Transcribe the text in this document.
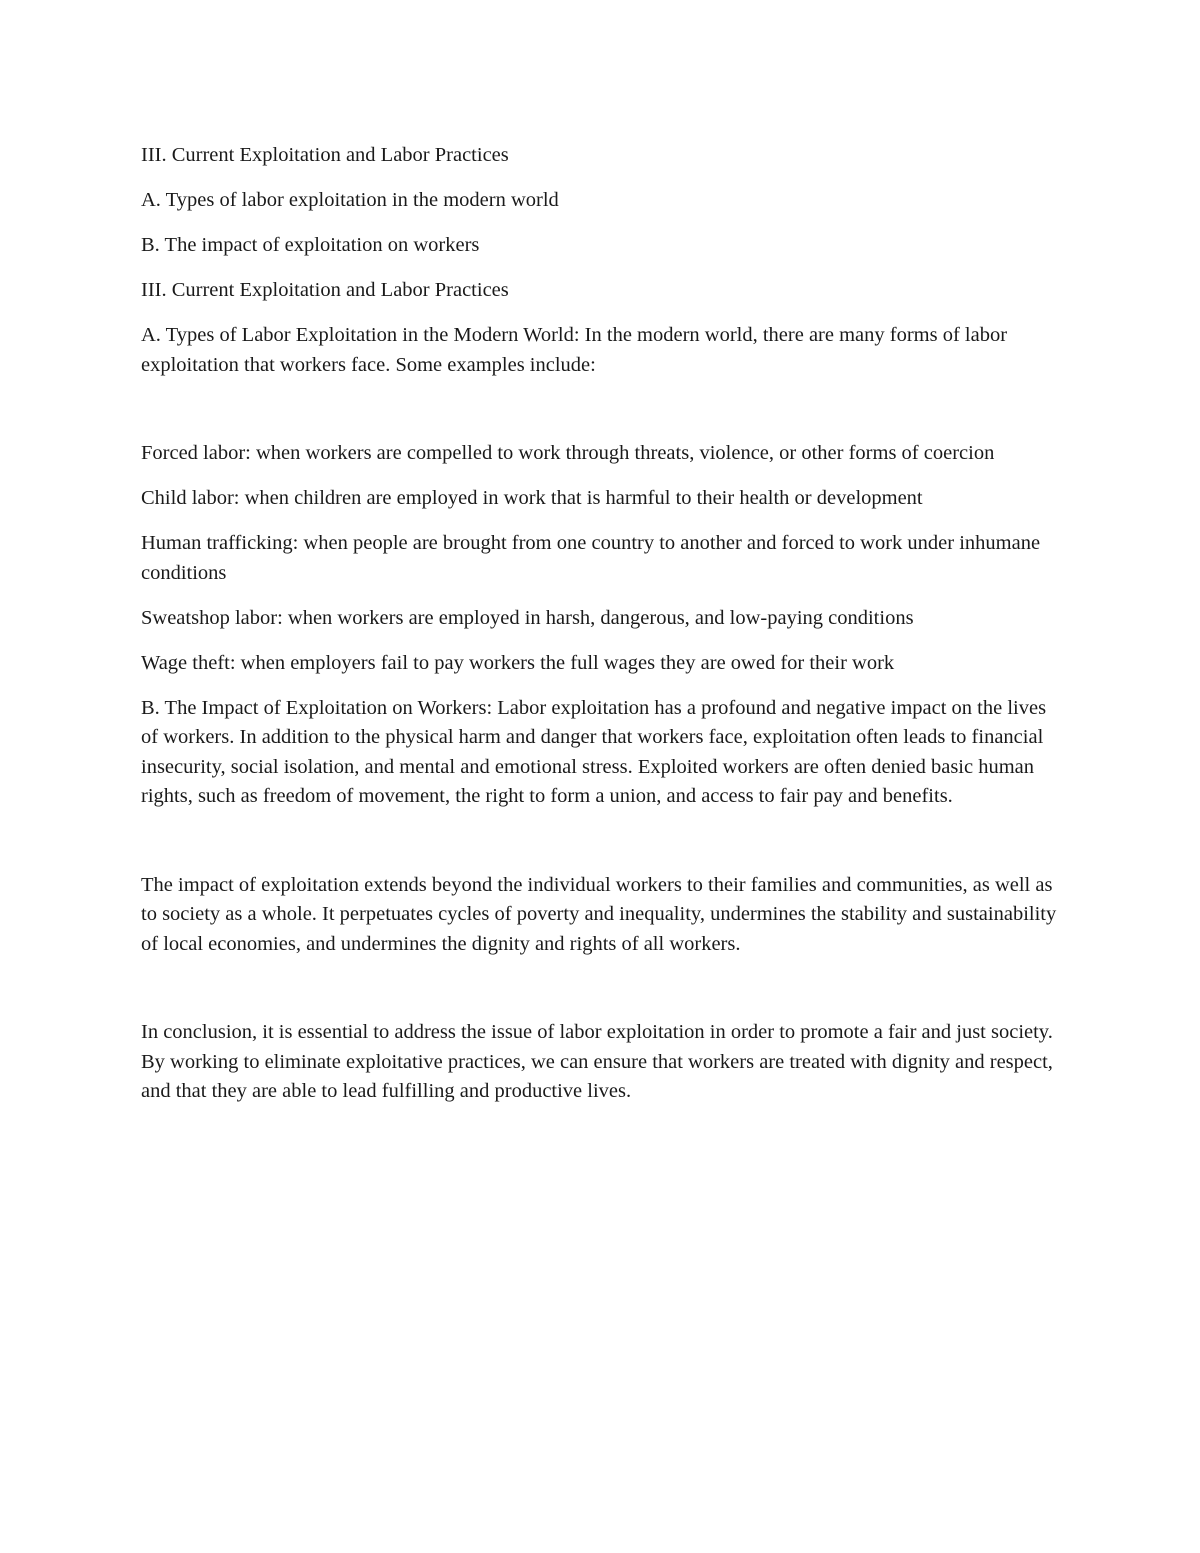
III. Current Exploitation and Labor Practices

A. Types of labor exploitation in the modern world

B. The impact of exploitation on workers

III. Current Exploitation and Labor Practices

A. Types of Labor Exploitation in the Modern World: In the modern world, there are many forms of labor exploitation that workers face. Some examples include:

Forced labor: when workers are compelled to work through threats, violence, or other forms of coercion

Child labor: when children are employed in work that is harmful to their health or development

Human trafficking: when people are brought from one country to another and forced to work under inhumane conditions

Sweatshop labor: when workers are employed in harsh, dangerous, and low-paying conditions

Wage theft: when employers fail to pay workers the full wages they are owed for their work

B. The Impact of Exploitation on Workers: Labor exploitation has a profound and negative impact on the lives of workers. In addition to the physical harm and danger that workers face, exploitation often leads to financial insecurity, social isolation, and mental and emotional stress. Exploited workers are often denied basic human rights, such as freedom of movement, the right to form a union, and access to fair pay and benefits.

The impact of exploitation extends beyond the individual workers to their families and communities, as well as to society as a whole. It perpetuates cycles of poverty and inequality, undermines the stability and sustainability of local economies, and undermines the dignity and rights of all workers.

In conclusion, it is essential to address the issue of labor exploitation in order to promote a fair and just society. By working to eliminate exploitative practices, we can ensure that workers are treated with dignity and respect, and that they are able to lead fulfilling and productive lives.
